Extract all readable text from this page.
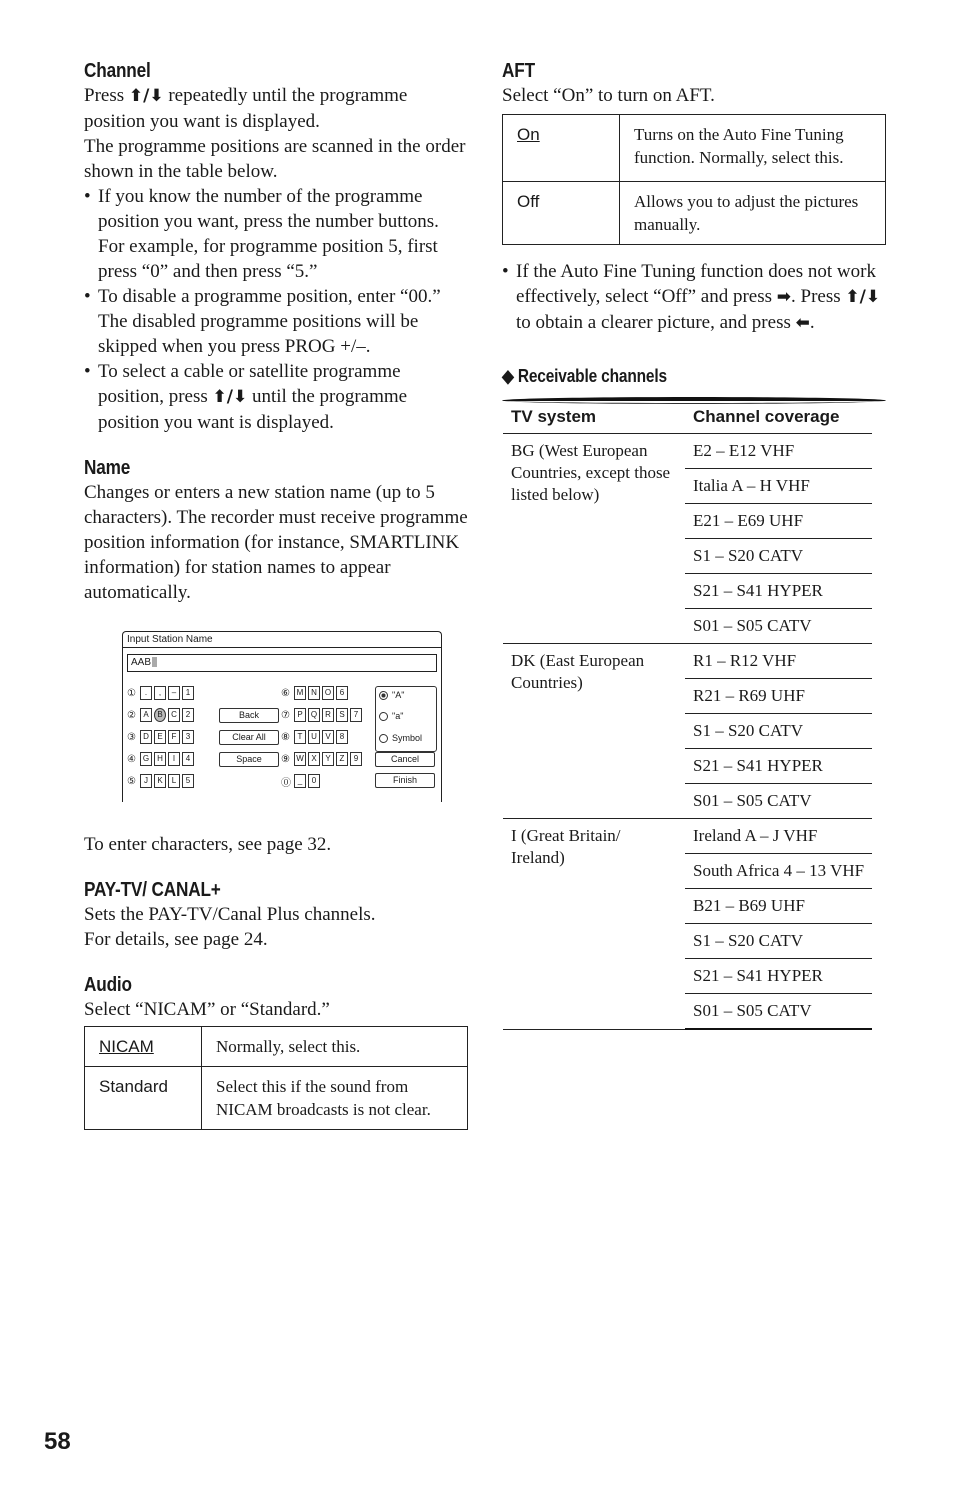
Channel

Press ⬆/⬇ repeatedly until the programme position you want is displayed.

The programme positions are scanned in the order shown in the table below.

• If you know the number of the programme position you want, press the number buttons. For example, for programme position 5, first press “0” and then press “5.”
• To disable a programme position, enter “00.” The disabled programme positions will be skipped when you press PROG +/–.
• To select a cable or satellite programme position, press ⬆/⬇ until the programme position you want is displayed.
Name

Changes or enters a new station name (up to 5 characters). The recorder must receive programme position information (for instance, SMARTLINK information) for station names to appear automatically.

Input Station Name
AAB
①	.	,	–	1
② A	B	C	2
③ D	E	F	3
④ G	H	I	4
⑤	J	K	L	5
⑥ M N O	6
⑦ P	Q	R	S	7
⑧ T	U	V	8
⑨ W X	Y	Z	9
⓪ _	0
Back
Clear All
Space	Cancel
Finish
"A"
"a"
Symbol

To enter characters, see page 32.

PAY-TV/ CANAL+

Sets the PAY-TV/Canal Plus channels.

For details, see page 24.

Audio

Select “NICAM” or “Standard.”

NICAM	Normally, select this.
Standard	Select this if the sound from NICAM broadcasts is not clear.
AFT

Select “On” to turn on AFT.

On	Turns on the Auto Fine Tuning function. Normally, select this.
Off	Allows you to adjust the pictures manually.
• If the Auto Fine Tuning function does not work effectively, select “Off” and press ➡. Press ⬆/⬇ to obtain a clearer picture, and press ⬅.
◆ Receivable channels
TV system	Channel coverage
BG (West European Countries, except those listed below)	E2 – E12 VHF
	Italia A – H VHF
	E21 – E69 UHF
	S1 – S20 CATV
	S21 – S41 HYPER
	S01 – S05 CATV
DK (East European Countries)	R1 – R12 VHF
	R21 – R69 UHF
	S1 – S20 CATV
	S21 – S41 HYPER
	S01 – S05 CATV
I (Great Britain/ Ireland)	Ireland A – J VHF
	South Africa 4 – 13 VHF
	B21 – B69 UHF
	S1 – S20 CATV
	S21 – S41 HYPER
	S01 – S05 CATV
58
